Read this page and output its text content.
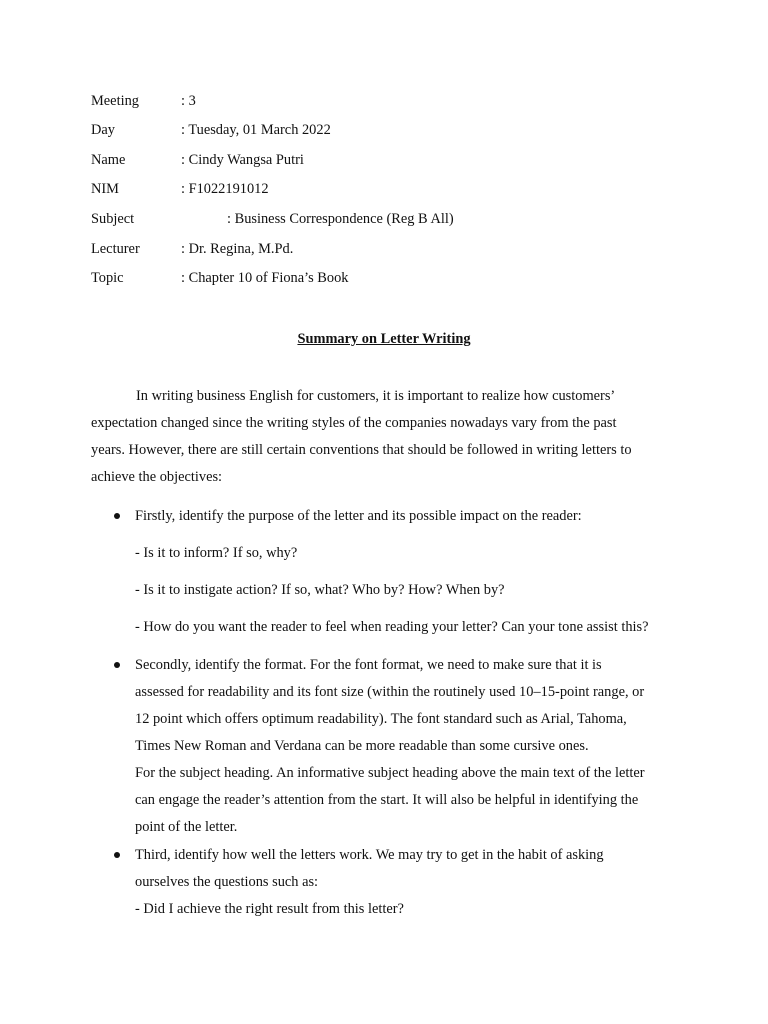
Meeting	: 3
Day	: Tuesday, 01 March 2022
Name	: Cindy Wangsa Putri
NIM	: F1022191012
Subject	: Business Correspondence (Reg B All)
Lecturer	: Dr. Regina, M.Pd.
Topic	: Chapter 10 of Fiona’s Book
Summary on Letter Writing
In writing business English for customers, it is important to realize how customers’
expectation changed since the writing styles of the companies nowadays vary from the past
years. However, there are still certain conventions that should be followed in writing letters to
achieve the objectives:
Firstly, identify the purpose of the letter and its possible impact on the reader:
- Is it to inform? If so, why?
- Is it to instigate action? If so, what? Who by? How? When by?
- How do you want the reader to feel when reading your letter? Can your tone assist this?
Secondly, identify the format. For the font format, we need to make sure that it is
assessed for readability and its font size (within the routinely used 10–15-point range, or
12 point which offers optimum readability). The font standard such as Arial, Tahoma,
Times New Roman and Verdana can be more readable than some cursive ones.
For the subject heading. An informative subject heading above the main text of the letter
can engage the reader’s attention from the start. It will also be helpful in identifying the
point of the letter.
Third, identify how well the letters work. We may try to get in the habit of asking
ourselves the questions such as:
- Did I achieve the right result from this letter?
